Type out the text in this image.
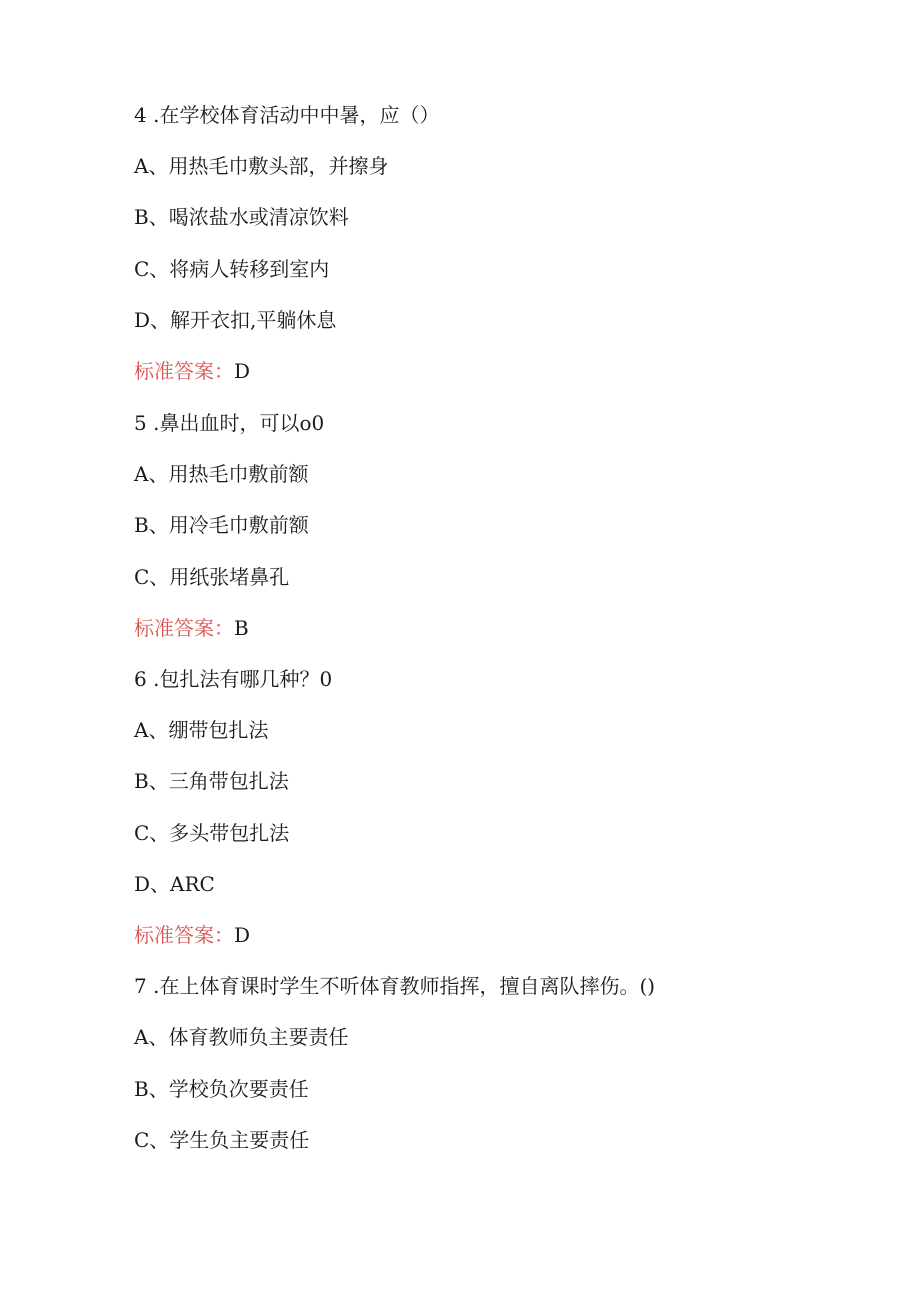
4 .在学校体育活动中中暑，应（）
A、用热毛巾敷头部，并擦身
B、喝浓盐水或清凉饮料
C、将病人转移到室内
D、解开衣扣,平躺休息
标准答案：D
5 .鼻出血时，可以o0
A、用热毛巾敷前额
B、用冷毛巾敷前额
C、用纸张堵鼻孔
标准答案：B
6 .包扎法有哪几种？0
A、绷带包扎法
B、三角带包扎法
C、多头带包扎法
D、ARC
标准答案：D
7 .在上体育课时学生不听体育教师指挥，擅自离队摔伤。()
A、体育教师负主要责任
B、学校负次要责任
C、学生负主要责任
